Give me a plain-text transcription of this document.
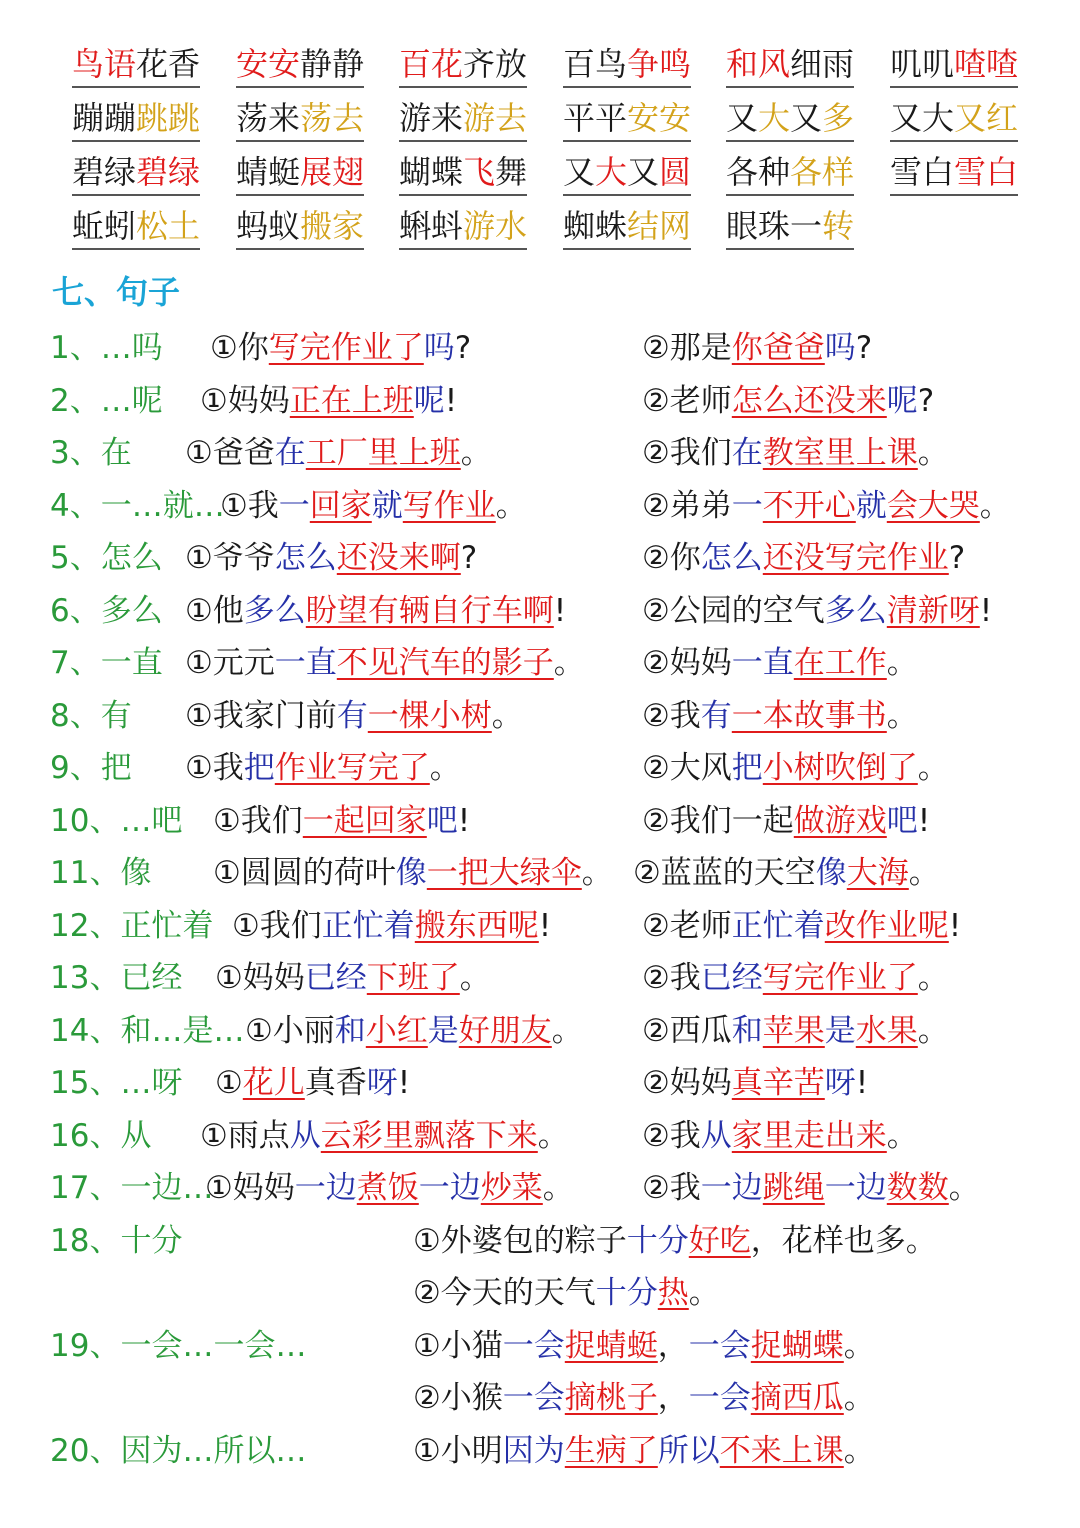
鸟语花香 安安静静 百花齐放 百鸟争鸣 和风细雨 叽叽喳喳
蹦蹦跳跳 荡来荡去 游来游去 平平安安 又大又多 又大又红
碧绿碧绿 蜻蜓展翅 蝴蝶飞舞 又大又圆 各种各样 雪白雪白
蚯蚓松土 蚂蚁搬家 蝌蚪游水 蜘蛛结网 眼珠一转
七、句子
1、…吗 ①你写完作业了吗?	②那是你爸爸吗?
2、…呢 ①妈妈正在上班呢!	②老师怎么还没来呢?
3、在 ①爸爸在工厂里上班。	②我们在教室里上课。
4、一…就…
①我一回家就写作业。	②弟弟一不开心就会大哭。
5、怎么 ①爷爷怎么还没来啊?	②你怎么还没写完作业?
6、多么 ①他多么盼望有辆自行车啊! ②公园的空气多么清新呀!
7、一直 ①元元一直不见汽车的影子。 ②妈妈一直在工作。
8、有 ①我家门前有一棵小树。	②我有一本故事书。
9、把 ①我把作业写完了。	②大风把小树吹倒了。
10、…吧 ①我们一起回家吧!	②我们一起做游戏吧!
11、像 ①圆圆的荷叶像一把大绿伞。 ②蓝蓝的天空像大海。
12、正忙着 ①我们正忙着搬东西呢!	②老师正忙着改作业呢!
13、已经 ①妈妈已经下班了。	②我已经写完作业了。
14、和…是… ①小丽和小红是好朋友。 ②西瓜和苹果是水果。
15、…呀 ①花儿真香呀!	②妈妈真辛苦呀!
16、从 ①雨点从云彩里飘落下来。 ②我从家里走出来。
17、一边…
①妈妈一边煮饭一边炒菜。 ②我一边跳绳一边数数。
18、十分	①外婆包的粽子十分好吃，花样也多。
②今天的天气十分热。
19、一会…一会…	①小猫一会捉蜻蜓，一会捉蝴蝶。
②小猴一会摘桃子，一会摘西瓜。
20、因为…所以…	①小明因为生病了所以不来上课。
